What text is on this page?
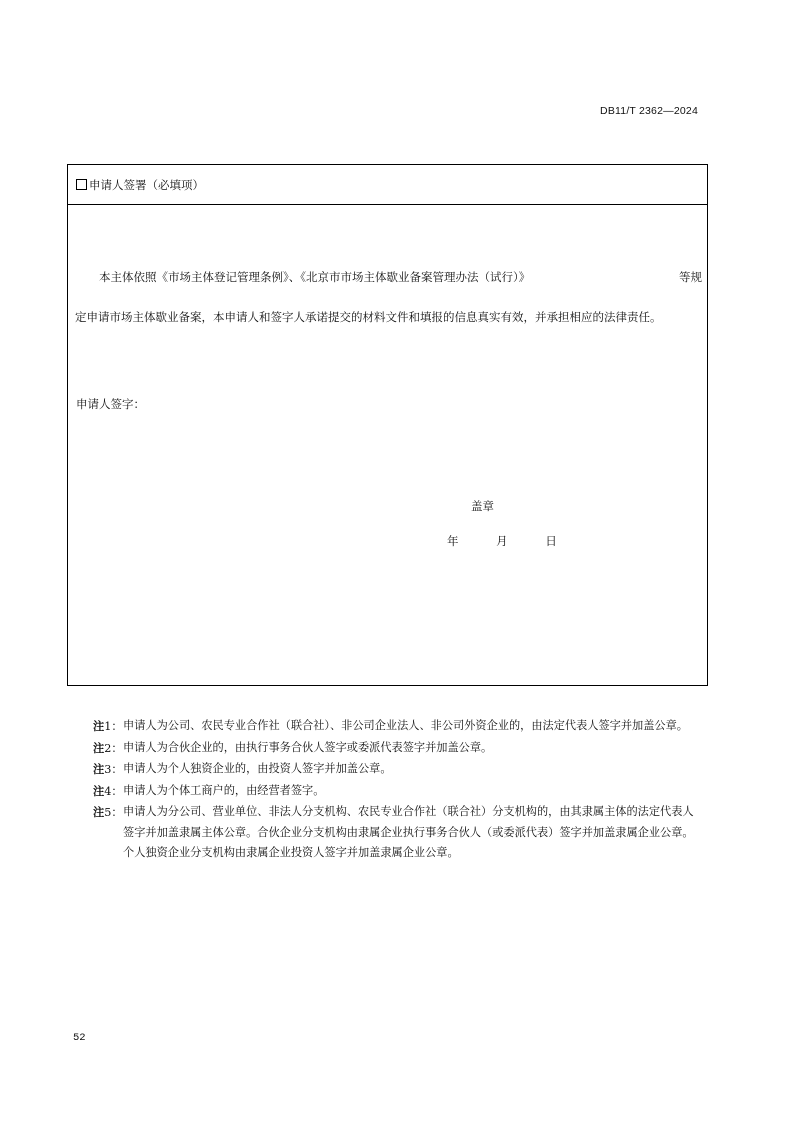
DB11/T 2362—2024
申请人签署（必填项）
本主体依照《市场主体登记管理条例》、《北京市市场主体歇业备案管理办法（试行）》	等规
定申请市场主体歇业备案，本申请人和签字人承诺提交的材料文件和填报的信息真实有效，并承担相应的法律责任。
申请人签字：
盖章
年	月	日
注1： 申请人为公司、农民专业合作社（联合社）、非公司企业法人、非公司外资企业的，由法定代表人签字并加盖公章。
注2： 申请人为合伙企业的，由执行事务合伙人签字或委派代表签字并加盖公章。
注3： 申请人为个人独资企业的，由投资人签字并加盖公章。
注4： 申请人为个体工商户的，由经营者签字。
注5： 申请人为分公司、营业单位、非法人分支机构、农民专业合作社（联合社）分支机构的，由其隶属主体的法定代表人签字并加盖隶属主体公章。合伙企业分支机构由隶属企业执行事务合伙人（或委派代表）签字并加盖隶属企业公章。个人独资企业分支机构由隶属企业投资人签字并加盖隶属企业公章。
52
